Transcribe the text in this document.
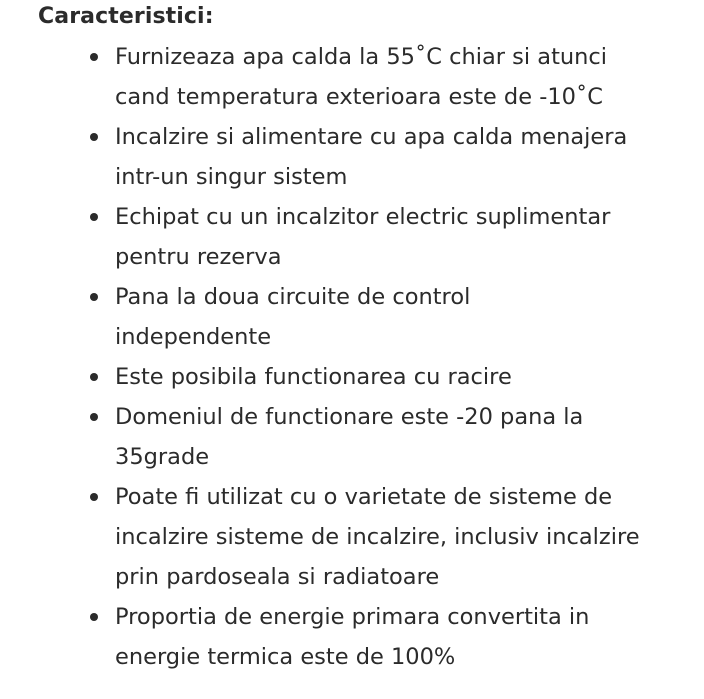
Caracteristici:
Furnizeaza apa calda la 55˚C chiar si atunci
cand temperatura exterioara este de -10˚C
Incalzire si alimentare cu apa calda menajera
intr-un singur sistem
Echipat cu un incalzitor electric suplimentar
pentru rezerva
Pana la doua circuite de control
independente
Este posibila functionarea cu racire
Domeniul de functionare este -20 pana la
35grade
Poate fi utilizat cu o varietate de sisteme de
incalzire sisteme de incalzire, inclusiv incalzire
prin pardoseala si radiatoare
Proportia de energie primara convertita in
energie termica este de 100%
